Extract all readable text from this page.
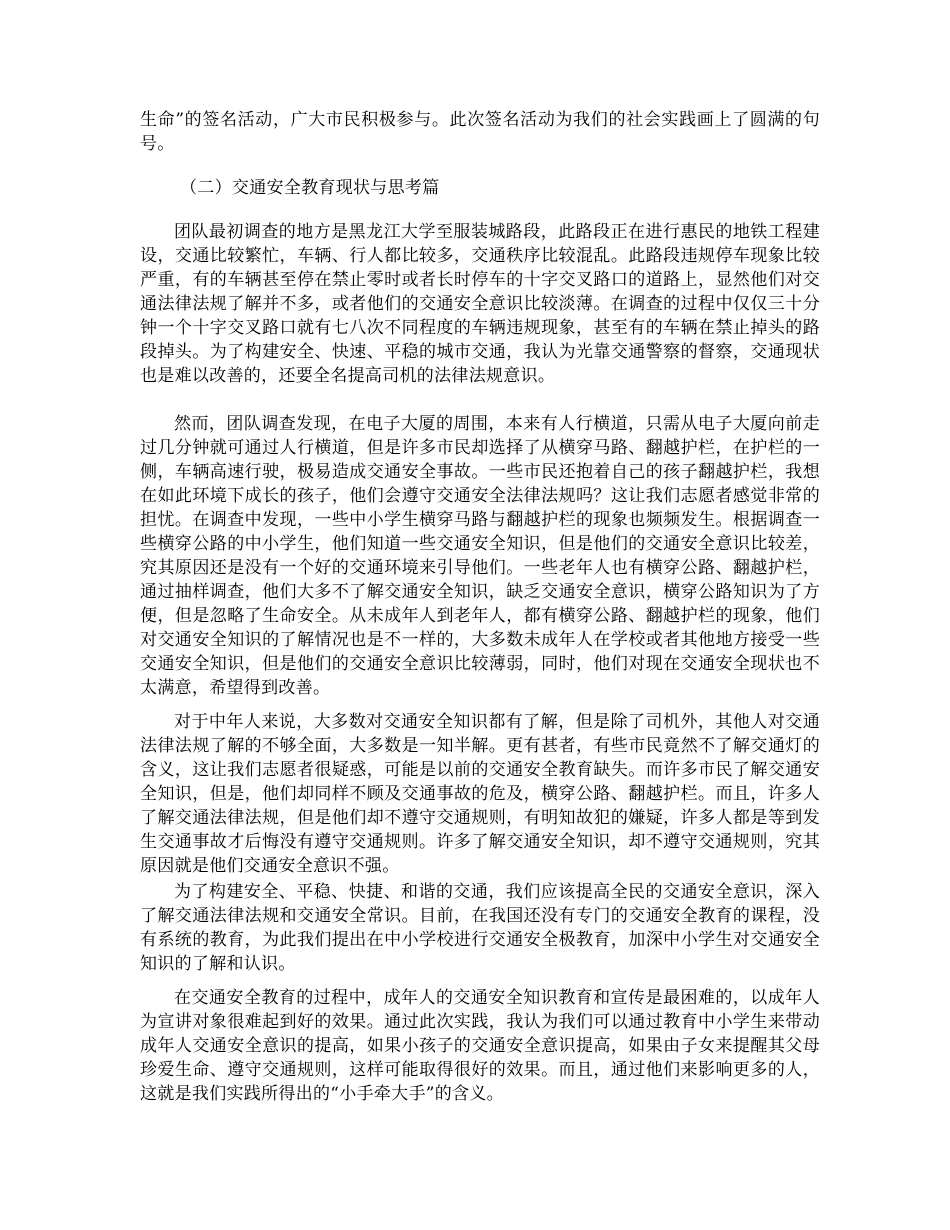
生命”的签名活动，广大市民积极参与。此次签名活动为我们的社会实践画上了圆满的句号。

（二）交通安全教育现状与思考篇

团队最初调查的地方是黑龙江大学至服装城路段，此路段正在进行惠民的地铁工程建设，交通比较繁忙，车辆、行人都比较多，交通秩序比较混乱。此路段违规停车现象比较严重，有的车辆甚至停在禁止零时或者长时停车的十字交叉路口的道路上，显然他们对交通法律法规了解并不多，或者他们的交通安全意识比较淡薄。在调查的过程中仅仅三十分钟一个十字交叉路口就有七八次不同程度的车辆违规现象，甚至有的车辆在禁止掉头的路段掉头。为了构建安全、快速、平稳的城市交通，我认为光靠交通警察的督察，交通现状也是难以改善的，还要全名提高司机的法律法规意识。

然而，团队调查发现，在电子大厦的周围，本来有人行横道，只需从电子大厦向前走过几分钟就可通过人行横道，但是许多市民却选择了从横穿马路、翻越护栏，在护栏的一侧，车辆高速行驶，极易造成交通安全事故。一些市民还抱着自己的孩子翻越护栏，我想在如此环境下成长的孩子，他们会遵守交通安全法律法规吗？这让我们志愿者感觉非常的担忧。在调查中发现，一些中小学生横穿马路与翻越护栏的现象也频频发生。根据调查一些横穿公路的中小学生，他们知道一些交通安全知识，但是他们的交通安全意识比较差，究其原因还是没有一个好的交通环境来引导他们。一些老年人也有横穿公路、翻越护栏，通过抽样调查，他们大多不了解交通安全知识，缺乏交通安全意识，横穿公路知识为了方便，但是忽略了生命安全。从未成年人到老年人，都有横穿公路、翻越护栏的现象，他们对交通安全知识的了解情况也是不一样的，大多数未成年人在学校或者其他地方接受一些交通安全知识，但是他们的交通安全意识比较薄弱，同时，他们对现在交通安全现状也不太满意，希望得到改善。

对于中年人来说，大多数对交通安全知识都有了解，但是除了司机外，其他人对交通法律法规了解的不够全面，大多数是一知半解。更有甚者，有些市民竟然不了解交通灯的含义，这让我们志愿者很疑惑，可能是以前的交通安全教育缺失。而许多市民了解交通安全知识，但是，他们却同样不顾及交通事故的危及，横穿公路、翻越护栏。而且，许多人了解交通法律法规，但是他们却不遵守交通规则，有明知故犯的嫌疑，许多人都是等到发生交通事故才后悔没有遵守交通规则。许多了解交通安全知识，却不遵守交通规则，究其原因就是他们交通安全意识不强。

为了构建安全、平稳、快捷、和谐的交通，我们应该提高全民的交通安全意识，深入了解交通法律法规和交通安全常识。目前，在我国还没有专门的交通安全教育的课程，没有系统的教育，为此我们提出在中小学校进行交通安全极教育，加深中小学生对交通安全知识的了解和认识。

在交通安全教育的过程中，成年人的交通安全知识教育和宣传是最困难的，以成年人为宣讲对象很难起到好的效果。通过此次实践，我认为我们可以通过教育中小学生来带动成年人交通安全意识的提高，如果小孩子的交通安全意识提高，如果由子女来提醒其父母珍爱生命、遵守交通规则，这样可能取得很好的效果。而且，通过他们来影响更多的人，这就是我们实践所得出的“小手牵大手”的含义。
